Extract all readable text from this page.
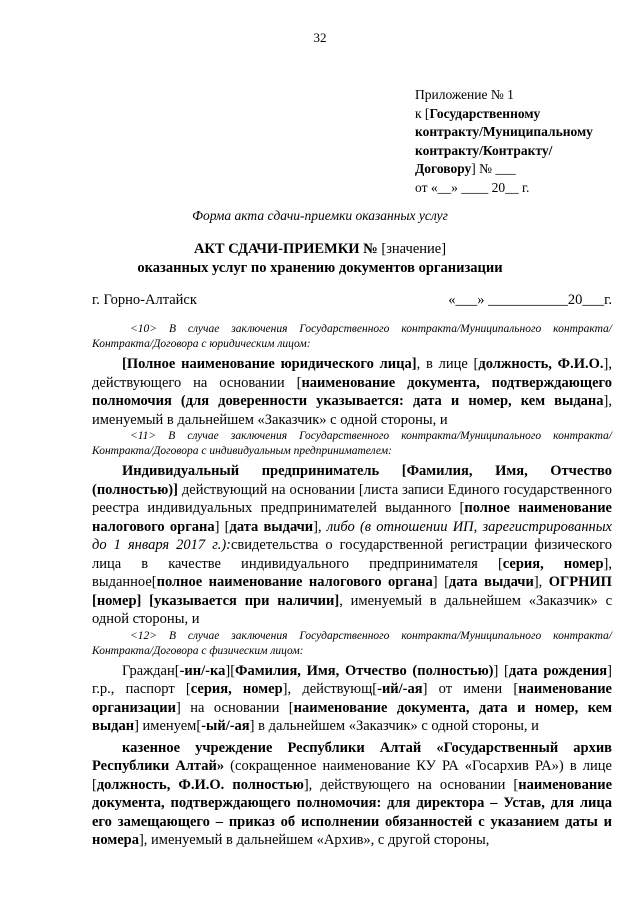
32
Приложение № 1
к [Государственному
контракту/Муниципальному
контракту/Контракту/
Договору] № ___
от «__» ____ 20__ г.
Форма акта сдачи-приемки оказанных услуг
АКТ СДАЧИ-ПРИЕМКИ № [значение]
оказанных услуг по хранению документов организации
г. Горно-Алтайск	«___» ___________20___г.

<10> В случае заключения Государственного контракта/Муниципального контракта/Контракта/Договора с юридическим лицом:

[Полное наименование юридического лица], в лице [должность, Ф.И.О.], действующего на основании [наименование документа, подтверждающего полномочия (для доверенности указывается: дата и номер, кем выдана], именуемый в дальнейшем «Заказчик» с одной стороны, и

<11> В случае заключения Государственного контракта/Муниципального контракта/Контракта/Договора с индивидуальным предпринимателем:

Индивидуальный предприниматель [Фамилия, Имя, Отчество (полностью)] действующий на основании [листа записи Единого государственного реестра индивидуальных предпринимателей выданного [полное наименование налогового органа] [дата выдачи], либо (в отношении ИП, зарегистрированных до 1 января 2017 г.):свидетельства о государственной регистрации физического лица в качестве индивидуального предпринимателя [серия, номер], выданное[полное наименование налогового органа] [дата выдачи], ОГРНИП [номер] [указывается при наличии], именуемый в дальнейшем «Заказчик» с одной стороны, и

<12> В случае заключения Государственного контракта/Муниципального контракта/Контракта/Договора с физическим лицом:

Граждан[-ин/-ка][Фамилия, Имя, Отчество (полностью)] [дата рождения] г.р., паспорт [серия, номер], действующ[-ий/-ая] от имени [наименование организации] на основании [наименование документа, дата и номер, кем выдан] именуем[-ый/-ая] в дальнейшем «Заказчик» с одной стороны, и

казенное учреждение Республики Алтай «Государственный архив Республики Алтай» (сокращенное наименование КУ РА «Госархив РА») в лице [должность, Ф.И.О. полностью], действующего на основании [наименование документа, подтверждающего полномочия: для директора – Устав, для лица его замещающего – приказ об исполнении обязанностей с указанием даты и номера], именуемый в дальнейшем «Архив», с другой стороны,
